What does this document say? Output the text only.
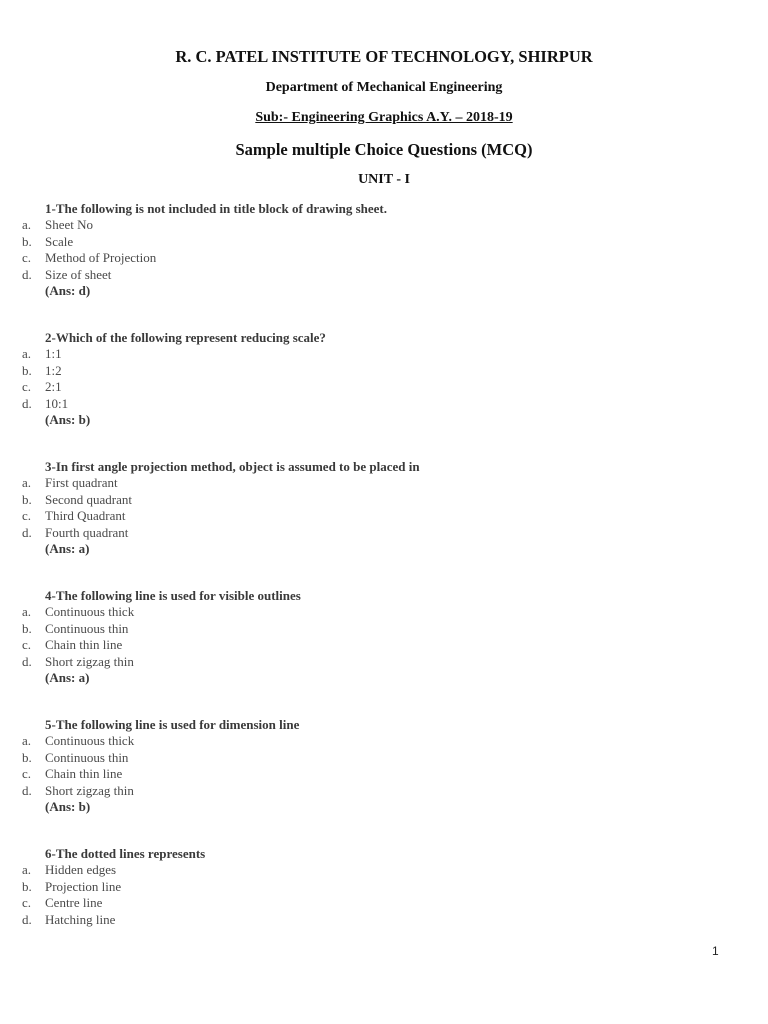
R. C. PATEL INSTITUTE OF TECHNOLOGY, SHIRPUR
Department of Mechanical Engineering
Sub:- Engineering Graphics A.Y. – 2018-19
Sample multiple Choice Questions (MCQ)
UNIT - I
1-The following is not included in title block of drawing sheet.
a. Sheet No
b. Scale
c. Method of Projection
d. Size of sheet
(Ans: d)
2-Which of the following represent reducing scale?
a. 1:1
b. 1:2
c. 2:1
d. 10:1
(Ans: b)
3-In first angle projection method, object is assumed to be placed in
a. First quadrant
b. Second quadrant
c. Third Quadrant
d. Fourth quadrant
(Ans: a)
4-The following line is used for visible outlines
a. Continuous thick
b. Continuous thin
c. Chain thin line
d. Short zigzag thin
(Ans: a)
5-The following line is used for dimension line
a. Continuous thick
b. Continuous thin
c. Chain thin line
d. Short zigzag thin
(Ans: b)
6-The dotted lines represents
a. Hidden edges
b. Projection line
c. Centre line
d. Hatching line
1
